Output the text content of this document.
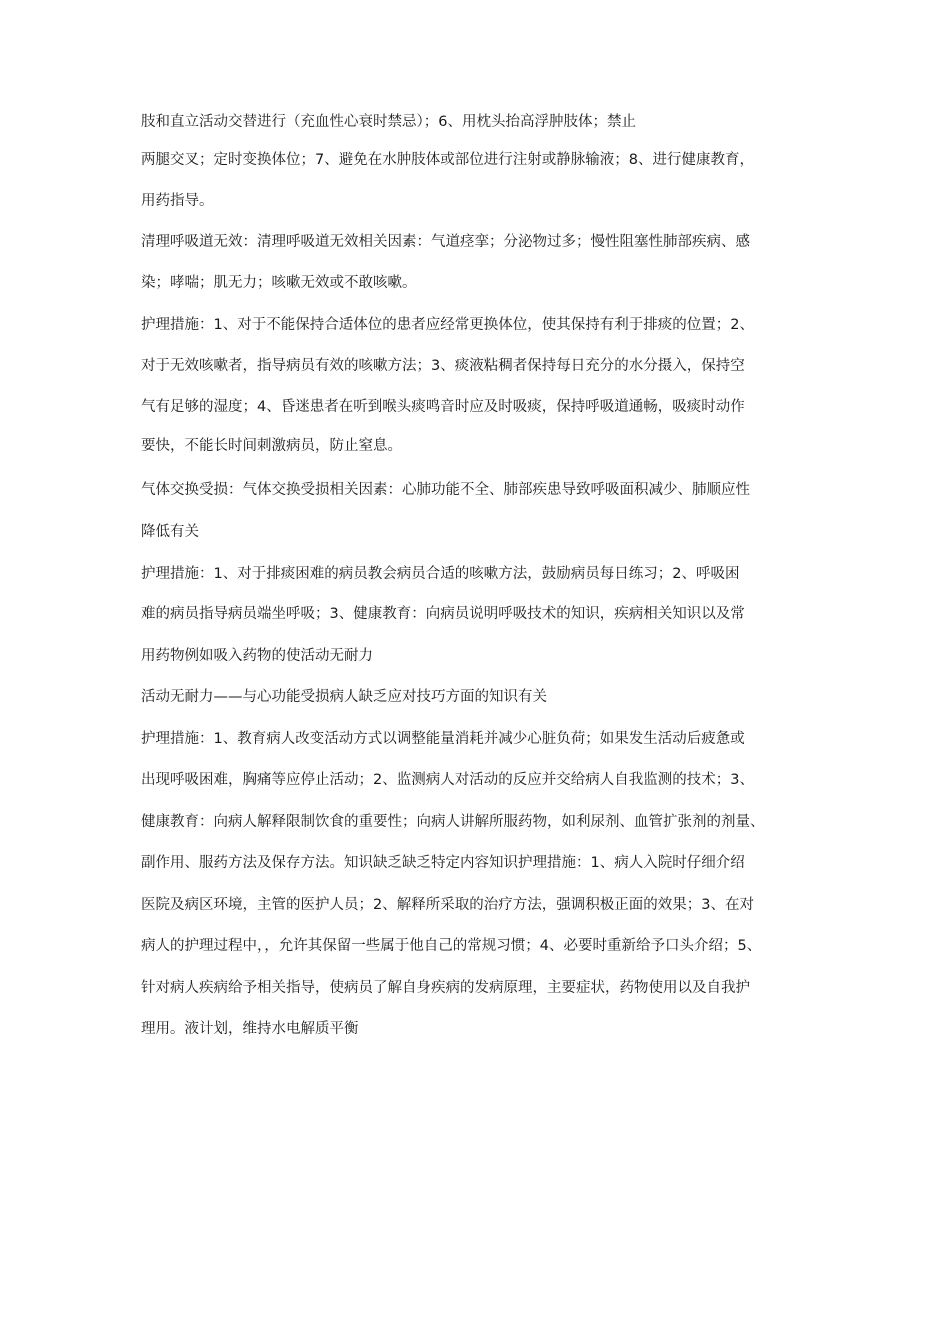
肢和直立活动交替进行（充血性心衰时禁忌）；6、用枕头抬高浮肿肢体；禁止

两腿交叉；定时变换体位；7、避免在水肿肢体或部位进行注射或静脉输液；8、进行健康教育，

用药指导。

清理呼吸道无效：清理呼吸道无效相关因素：气道痉挛；分泌物过多；慢性阻塞性肺部疾病、感

染；哮喘；肌无力；咳嗽无效或不敢咳嗽。

护理措施：1、对于不能保持合适体位的患者应经常更换体位，使其保持有利于排痰的位置；2、

对于无效咳嗽者，指导病员有效的咳嗽方法；3、痰液粘稠者保持每日充分的水分摄入，保持空

气有足够的湿度；4、昏迷患者在听到喉头痰鸣音时应及时吸痰，保持呼吸道通畅，吸痰时动作

要快，不能长时间刺激病员，防止窒息。

气体交换受损：气体交换受损相关因素：心肺功能不全、肺部疾患导致呼吸面积减少、肺顺应性

降低有关

护理措施：1、对于排痰困难的病员教会病员合适的咳嗽方法，鼓励病员每日练习；2、呼吸困

难的病员指导病员端坐呼吸；3、健康教育：向病员说明呼吸技术的知识，疾病相关知识以及常

用药物例如吸入药物的使活动无耐力

活动无耐力——与心功能受损病人缺乏应对技巧方面的知识有关

护理措施：1、教育病人改变活动方式以调整能量消耗并减少心脏负荷；如果发生活动后疲惫或

出现呼吸困难，胸痛等应停止活动；2、监测病人对活动的反应并交给病人自我监测的技术；3、

健康教育：向病人解释限制饮食的重要性；向病人讲解所服药物，如利尿剂、血管扩张剂的剂量、

副作用、服药方法及保存方法。知识缺乏缺乏特定内容知识护理措施：1、病人入院时仔细介绍

医院及病区环境，主管的医护人员；2、解释所采取的治疗方法，强调积极正面的效果；3、在对

病人的护理过程中，，允许其保留一些属于他自己的常规习惯；4、必要时重新给予口头介绍；5、

针对病人疾病给予相关指导，使病员了解自身疾病的发病原理，主要症状，药物使用以及自我护

理用。液计划，维持水电解质平衡
